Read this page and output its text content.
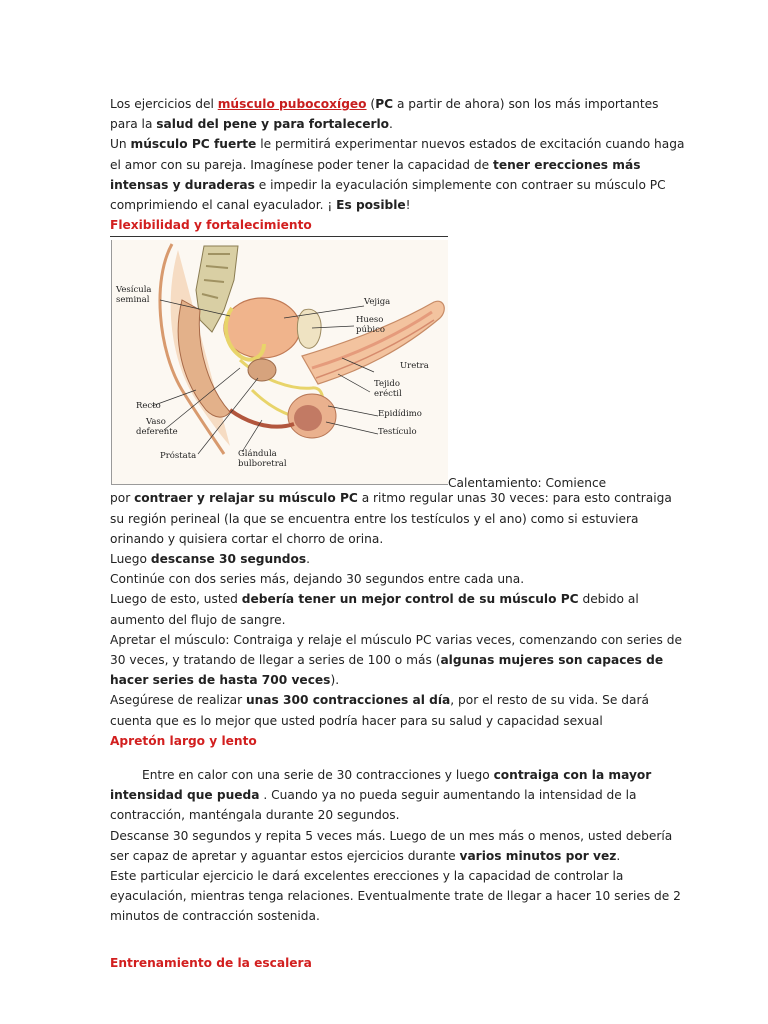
Los ejercicios del músculo pubocoxígeo (PC a partir de ahora) son los más importantes
para la salud del pene y para fortalecerlo.
Un músculo PC fuerte le permitirá experimentar nuevos estados de excitación cuando haga
el amor con su pareja. Imagínese poder tener la capacidad de tener erecciones más
intensas y duraderas e impedir la eyaculación simplemente con contraer su músculo PC
comprimiendo el canal eyaculador. ¡ Es posible!
Flexibilidad y fortalecimiento
Vesícula
seminal	Vejiga
Hueso
púbico
Uretra
Tejido
eréctil
Recto
Vaso
deferente
Epidídimo
Testículo
Próstata	Glándula
bulboretral
Calentamiento: Comience
por contraer y relajar su músculo PC a ritmo regular unas 30 veces: para esto contraiga
su región perineal (la que se encuentra entre los testículos y el ano) como si estuviera
orinando y quisiera cortar el chorro de orina.
Luego descanse 30 segundos.
Continúe con dos series más, dejando 30 segundos entre cada una.
Luego de esto, usted debería tener un mejor control de su músculo PC debido al
aumento del flujo de sangre.
Apretar el músculo: Contraiga y relaje el músculo PC varias veces, comenzando con series de
30 veces, y tratando de llegar a series de 100 o más (algunas mujeres son capaces de
hacer series de hasta 700 veces).
Asegúrese de realizar unas 300 contracciones al día, por el resto de su vida. Se dará
cuenta que es lo mejor que usted podría hacer para su salud y capacidad sexual
Apretón largo y lento
Entre en calor con una serie de 30 contracciones y luego contraiga con la mayor
intensidad que pueda . Cuando ya no pueda seguir aumentando la intensidad de la
contracción, manténgala durante 20 segundos.
Descanse 30 segundos y repita 5 veces más. Luego de un mes más o menos, usted debería
ser capaz de apretar y aguantar estos ejercicios durante varios minutos por vez.
Este particular ejercicio le dará excelentes erecciones y la capacidad de controlar la
eyaculación, mientras tenga relaciones. Eventualmente trate de llegar a hacer 10 series de 2
minutos de contracción sostenida.
Entrenamiento de la escalera
